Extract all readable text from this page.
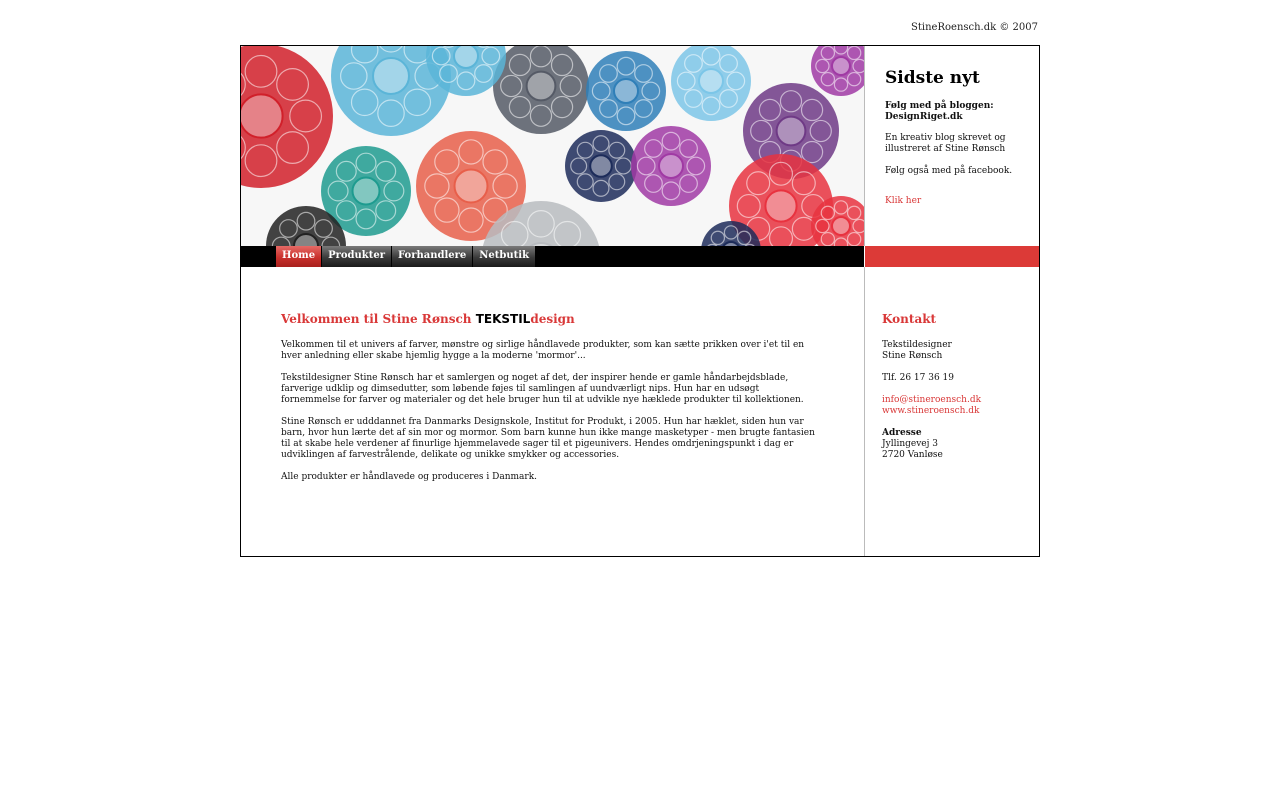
StineRoensch.dk © 2007
Sidste nyt
Følg med på bloggen: DesignRiget.dk

En kreativ blog skrevet og illustreret af Stine Rønsch

Følg også med på facebook.

Klik her
Home	Produkter	Forhandlere	Netbutik
Velkommen til Stine Rønsch TEKSTILdesign

Velkommen til et univers af farver, mønstre og sirlige håndlavede produkter, som kan sætte prikken over i'et til en hver anledning eller skabe hjemlig hygge a la moderne 'mormor'...

Tekstildesigner Stine Rønsch har et samlergen og noget af det, der inspirer hende er gamle håndarbejdsblade, farverige udklip og dimsedutter, som løbende føjes til samlingen af uundværligt nips. Hun har en udsøgt fornemmelse for farver og materialer og det hele bruger hun til at udvikle nye hæklede produkter til kollektionen.

Stine Rønsch er udddannet fra Danmarks Designskole, Institut for Produkt, i 2005. Hun har hæklet, siden hun var barn, hvor hun lærte det af sin mor og mormor. Som barn kunne hun ikke mange masketyper - men brugte fantasien til at skabe hele verdener af finurlige hjemmelavede sager til et pigeunivers. Hendes omdrjeningspunkt i dag er udviklingen af farvestrålende, delikate og unikke smykker og accessories.

Alle produkter er håndlavede og produceres i Danmark.

Kontakt

Tekstildesigner
Stine Rønsch

Tlf. 26 17 36 19

info@stineroensch.dk
www.stineroensch.dk

Adresse
Jyllingevej 3
2720 Vanløse
